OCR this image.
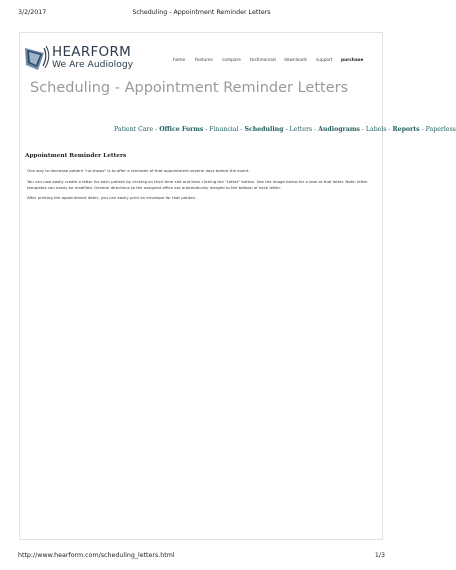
3/2/2017	Scheduling - Appointment Reminder Letters
HEARFORM
We Are Audiology	home features compare testimonials downloads support purchase
Scheduling - Appointment Reminder Letters
Patient Care - Office Forms - Financial - Scheduling - Letters - Audiograms - Labels - Reports - Paperless
Appointment Reminder Letters

One way to decrease patient "no shows" is to offer a reminder of that appointment several days before the event.

You can now easily create a letter for each patient by clicking on their time slot and then clicking the "Letter" button. See the image below for a look at that letter. Note: letter templates can easily be modified. General directions to the assigned office are automatically merged to the bottom of each letter.

After printing the appointment letter, you can easily print an envelope for that patient.

http://www.hearform.com/scheduling_letters.html	1/3
